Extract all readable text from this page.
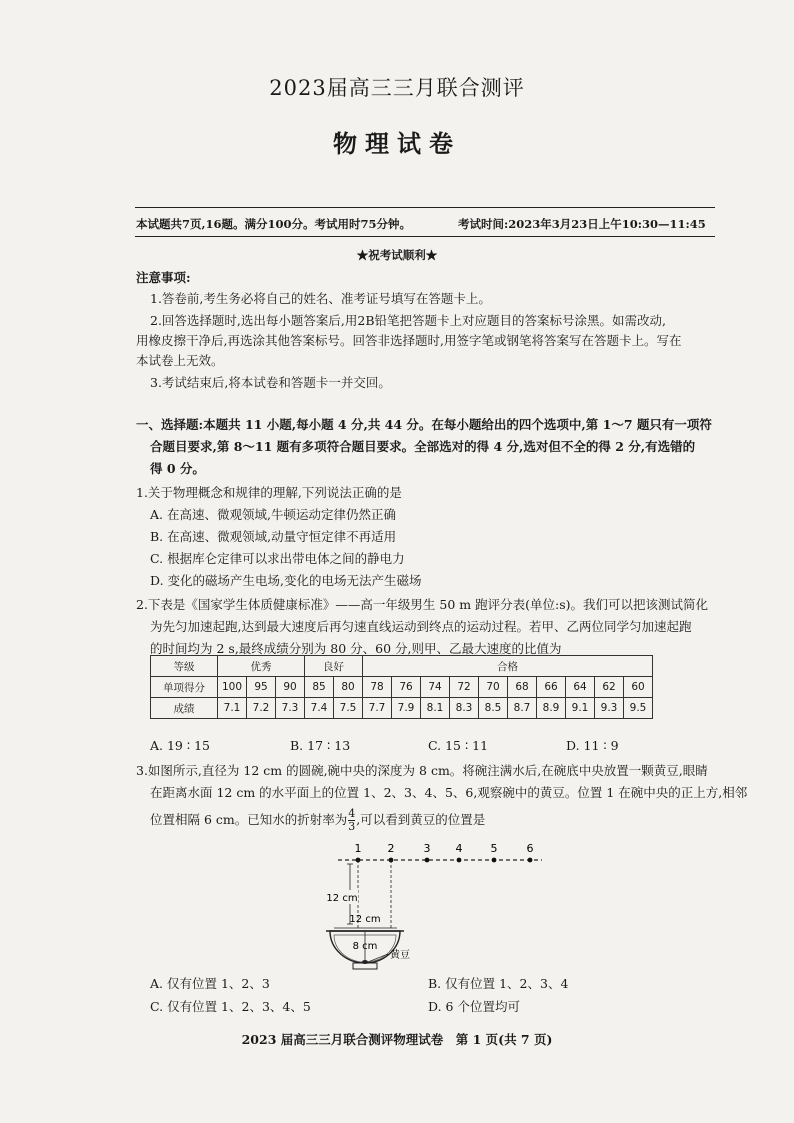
2023届高三三月联合测评
物理试卷
本试题共7页,16题。满分100分。考试用时75分钟。	考试时间:2023年3月23日上午10:30—11:45
★祝考试顺利★
注意事项:
1.答卷前,考生务必将自己的姓名、准考证号填写在答题卡上。
2.回答选择题时,选出每小题答案后,用2B铅笔把答题卡上对应题目的答案标号涂黑。如需改动,
用橡皮擦干净后,再选涂其他答案标号。回答非选择题时,用签字笔或钢笔将答案写在答题卡上。写在
本试卷上无效。
3.考试结束后,将本试卷和答题卡一并交回。
一、选择题:本题共 11 小题,每小题 4 分,共 44 分。在每小题给出的四个选项中,第 1～7 题只有一项符
合题目要求,第 8～11 题有多项符合题目要求。全部选对的得 4 分,选对但不全的得 2 分,有选错的
得 0 分。
1.关于物理概念和规律的理解,下列说法正确的是
A. 在高速、微观领域,牛顿运动定律仍然正确
B. 在高速、微观领域,动量守恒定律不再适用
C. 根据库仑定律可以求出带电体之间的静电力
D. 变化的磁场产生电场,变化的电场无法产生磁场
2.下表是《国家学生体质健康标准》——高一年级男生 50 m 跑评分表(单位:s)。我们可以把该测试简化
为先匀加速起跑,达到最大速度后再匀速直线运动到终点的运动过程。若甲、乙两位同学匀加速起跑
的时间均为 2 s,最终成绩分别为 80 分、60 分,则甲、乙最大速度的比值为
等级	优秀			良好		合格									
单项得分	100	95	90	85	80	78	76	74	72	70	68	66	64	62	60
成绩	7.1	7.2	7.3	7.4	7.5	7.7	7.9	8.1	8.3	8.5	8.7	8.9	9.1	9.3	9.5
A. 19 ∶ 15	B. 17 ∶ 13	C. 15 ∶ 11	D. 11 ∶ 9
3.如图所示,直径为 12 cm 的圆碗,碗中央的深度为 8 cm。将碗注满水后,在碗底中央放置一颗黄豆,眼睛
在距离水面 12 cm 的水平面上的位置 1、2、3、4、5、6,观察碗中的黄豆。位置 1 在碗中央的正上方,相邻
位置相隔 6 cm。已知水的折射率为 $\frac{4}{3}$ ,可以看到黄豆的位置是
1 2	3 4	5	6
12 cm
12 cm
8 cm
黄豆
A. 仅有位置 1、2、3	B. 仅有位置 1、2、3、4
C. 仅有位置 1、2、3、4、5	D. 6 个位置均可
2023 届高三三月联合测评物理试卷　第 1 页(共 7 页)
